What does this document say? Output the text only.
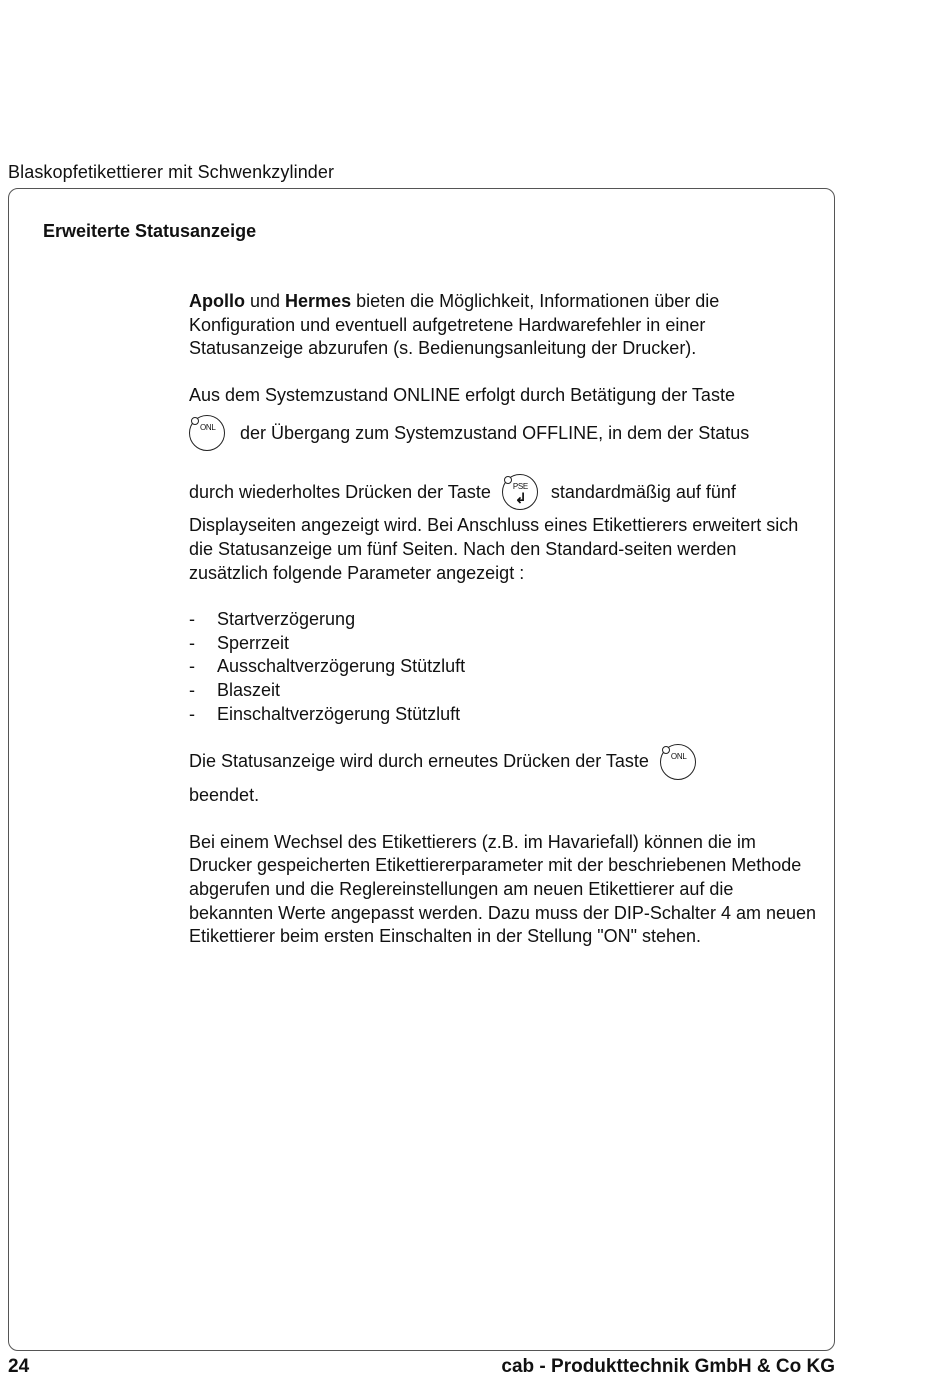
Blaskopfetikettierer mit Schwenkzylinder
Erweiterte Statusanzeige

Apollo und Hermes bieten die Möglichkeit, Informationen über die Konfiguration und eventuell aufgetretene Hardwarefehler in einer Statusanzeige abzurufen (s. Bedienungsanleitung der Drucker).

Aus dem Systemzustand ONLINE erfolgt durch Betätigung der Taste

ONL der Übergang zum Systemzustand OFFLINE, in dem der Status
durch wiederholtes Drücken der Taste	PSE
↲ standardmäßig auf fünf

Displayseiten angezeigt wird. Bei Anschluss eines Etikettierers erweitert sich die Statusanzeige um fünf Seiten. Nach den Standard-seiten werden zusätzlich folgende Parameter angezeigt :

-	Startverzögerung
-	Sperrzeit
-	Ausschaltverzögerung Stützluft
-	Blaszeit
-	Einschaltverzögerung Stützluft
Die Statusanzeige wird durch erneutes Drücken der Taste	ONL

beendet.

Bei einem Wechsel des Etikettierers (z.B. im Havariefall) können die im Drucker gespeicherten Etikettiererparameter mit der beschriebenen Methode abgerufen und die Reglereinstellungen am neuen Etikettierer auf die bekannten Werte angepasst werden. Dazu muss der DIP-Schalter 4 am neuen Etikettierer beim ersten Einschalten in der Stellung "ON" stehen.

24	cab - Produkttechnik GmbH & Co KG
